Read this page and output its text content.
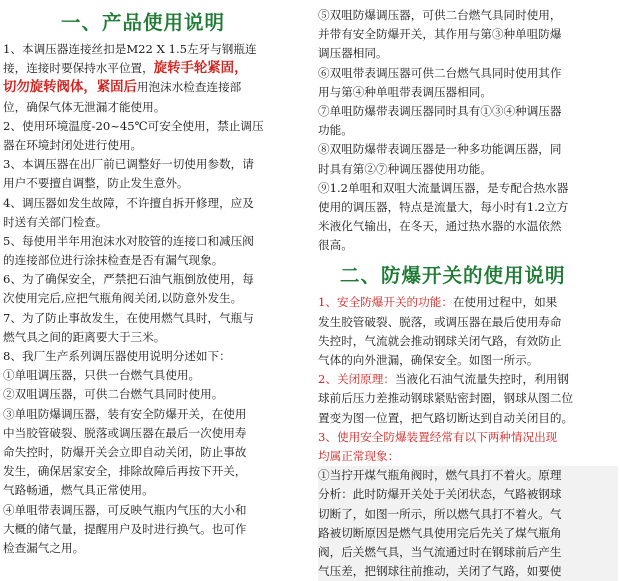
一、产品使用说明
1、本调压器连接丝扣是M22 X 1.5左牙与钢瓶连
接，连接时要保持水平位置，旋转手轮紧固，
切勿旋转阀体，紧固后用泡沫水检查连接部
位，确保气体无泄漏才能使用。
2、使用环境温度-20~45℃可安全使用，禁止调压
器在环境封闭处进行使用。
3、本调压器在出厂前已调整好一切使用参数，请
用户不要擅自调整，防止发生意外。
4、调压器如发生故障，不许擅自拆开修理，应及
时送有关部门检查。
5、每使用半年用泡沫水对胶管的连接口和减压阀
的连接部位进行涂抹检查是否有漏气现象。
6、为了确保安全，严禁把石油气瓶倒放使用，每
次使用完后,应把气瓶角阀关闭,以防意外发生。
7、为了防止事故发生，在使用燃气具时，气瓶与
燃气具之间的距离要大于三米。
8、我厂生产系列调压器使用说明分述如下：
①单咀调压器，只供一台燃气具使用。
②双咀调压器，可供二台燃气具同时使用。
③单咀防爆调压器，装有安全防爆开关，在使用
中当胶管破裂、脱落或调压器在最后一次使用寿
命失控时，防爆开关会立即自动关闭，防止事故
发生，确保居家安全，排除故障后再按下开关，
气路畅通，燃气具正常使用。
④单咀带表调压器，可反映气瓶内气压的大小和
大概的储气量，提醒用户及时进行换气。也可作
检查漏气之用。
⑤双咀防爆调压器，可供二台燃气具同时使用，
并带有安全防爆开关，其作用与第③种单咀防爆
调压器相同。
⑥双咀带表调压器可供二台燃气具同时使用其作
用与第④种单咀带表调压器相同。
⑦单咀防爆带表调压器同时具有①③④种调压器
功能。
⑧双咀防爆带表调压器是一种多功能调压器，同
时具有第②⑦种调压器使用功能。
⑨1.2单咀和双咀大流量调压器，是专配合热水器
使用的调压器，特点是流量大，每小时有1.2立方
米液化气输出，在冬天，通过热水器的水温依然
很高。
二、防爆开关的使用说明
1、安全防爆开关的功能：在使用过程中，如果
发生胶管破裂、脱落，或调压器在最后使用寿命
失控时，气流就会推动钢球关闭气路，有效防止
气体的向外泄漏，确保安全。如图一所示。
2、关闭原理：当液化石油气流量失控时，利用钢
球前后压力差推动钢球紧贴密封圈，钢球从图二位
置变为图一位置，把气路切断达到自动关闭目的。
3、使用安全防爆装置经常有以下两种情况出现
均属正常现象：
①当拧开煤气瓶角阀时，燃气具打不着火。原理
分析：此时防爆开关处于关闭状态，气路被钢球
切断了，如图一所示，所以燃气具打不着火。气
路被切断原因是燃气具使用完后先关了煤气瓶角
阀，后关燃气具，当气流通过时在钢球前后产生
气压差，把钢球往前推动，关闭了气路，如要使
